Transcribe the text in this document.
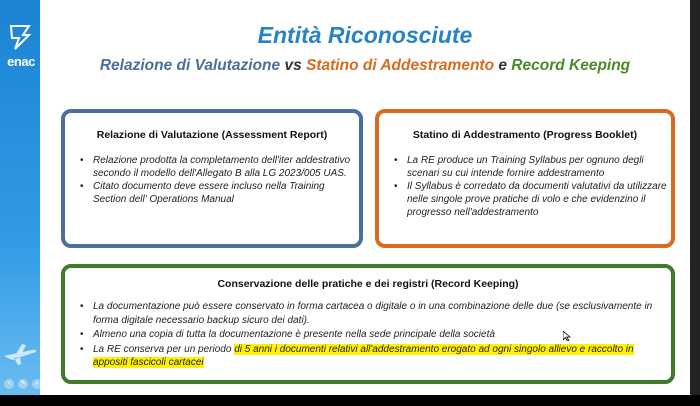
enac
‹	✎	⌕	⋯
Entità Riconosciute
Relazione di Valutazione vs Statino di Addestramento e Record Keeping
Relazione di Valutazione (Assessment Report)
• Relazione prodotta la completamento dell'iter addestrativo secondo il modello dell'Allegato B alla LG 2023/005 UAS.
• Citato documento deve essere incluso nella Training Section dell' Operations Manual
Statino di Addestramento (Progress Booklet)
• La RE produce un Training Syllabus per ognuno degli scenari su cui intende fornire addestramento
• Il Syllabus è corredato da documenti valutativi da utilizzare nelle singole prove pratiche di volo e che evidenzino il progresso nell'addestramento
Conservazione delle pratiche e dei registri (Record Keeping)
• La documentazione può essere conservato in forma cartacea o digitale o in una combinazione delle due (se esclusivamente in forma digitale necessario backup sicuro dei dati).
• Almeno una copia di tutta la documentazione è presente nella sede principale della società
• La RE conserva per un periodo di 5 anni i documenti relativi all'addestramento erogato ad ogni singolo allievo e raccolto in appositi fascicoli cartacei
